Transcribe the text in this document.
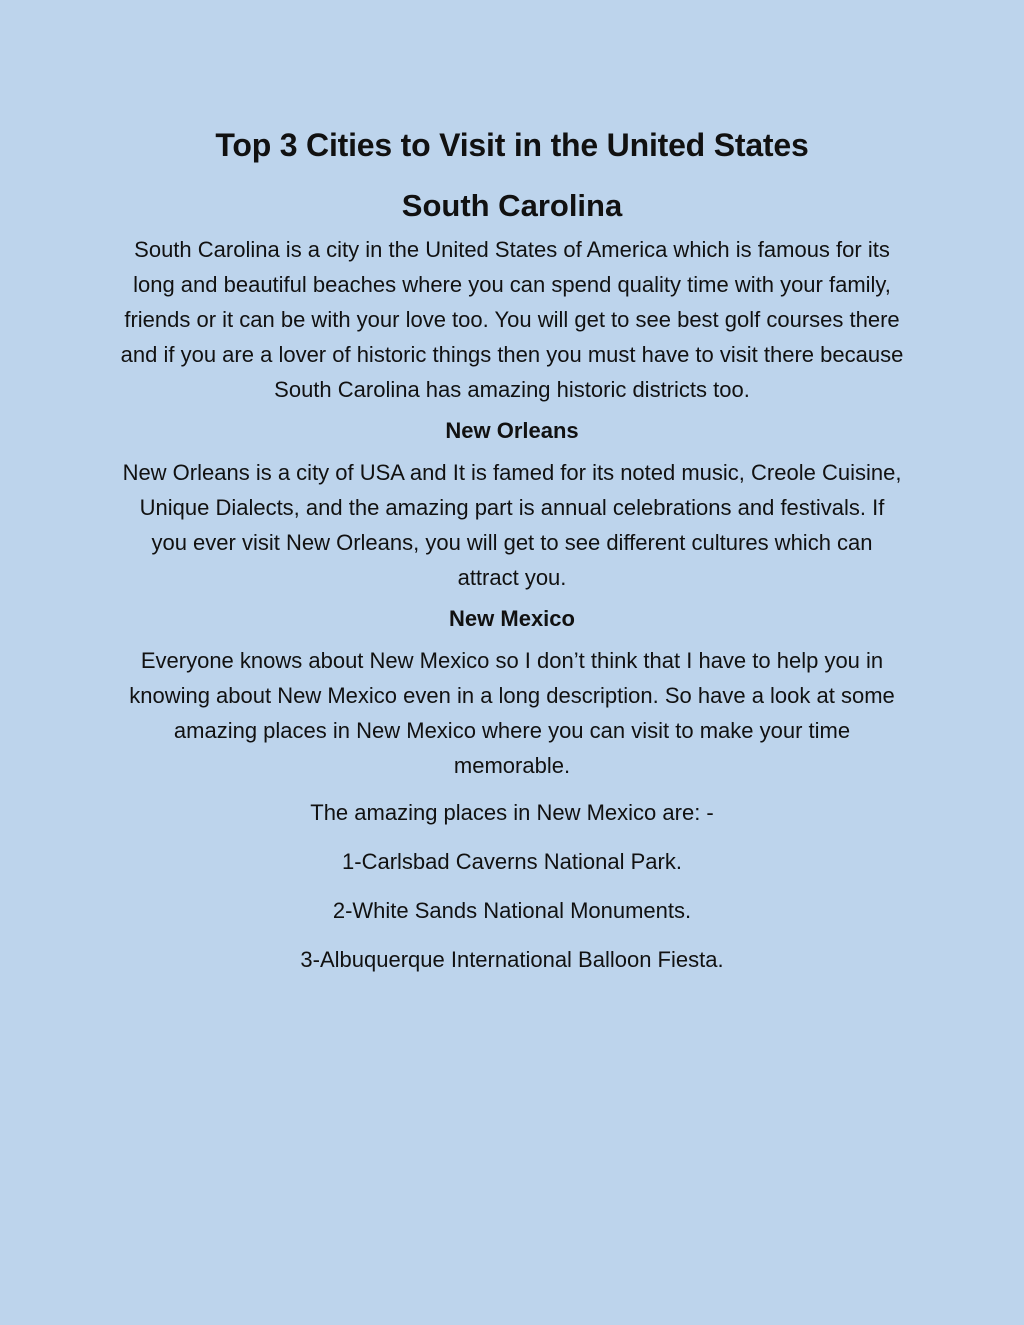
Top 3 Cities to Visit in the United States
South Carolina

South Carolina is a city in the United States of America which is famous for its long and beautiful beaches where you can spend quality time with your family, friends or it can be with your love too. You will get to see best golf courses there and if you are a lover of historic things then you must have to visit there because South Carolina has amazing historic districts too.

New Orleans

New Orleans is a city of USA and It is famed for its noted music, Creole Cuisine, Unique Dialects, and the amazing part is annual celebrations and festivals. If you ever visit New Orleans, you will get to see different cultures which can attract you.

New Mexico

Everyone knows about New Mexico so I don’t think that I have to help you in knowing about New Mexico even in a long description. So have a look at some amazing places in New Mexico where you can visit to make your time memorable.

The amazing places in New Mexico are: -

1-Carlsbad Caverns National Park.

2-White Sands National Monuments.

3-Albuquerque International Balloon Fiesta.
